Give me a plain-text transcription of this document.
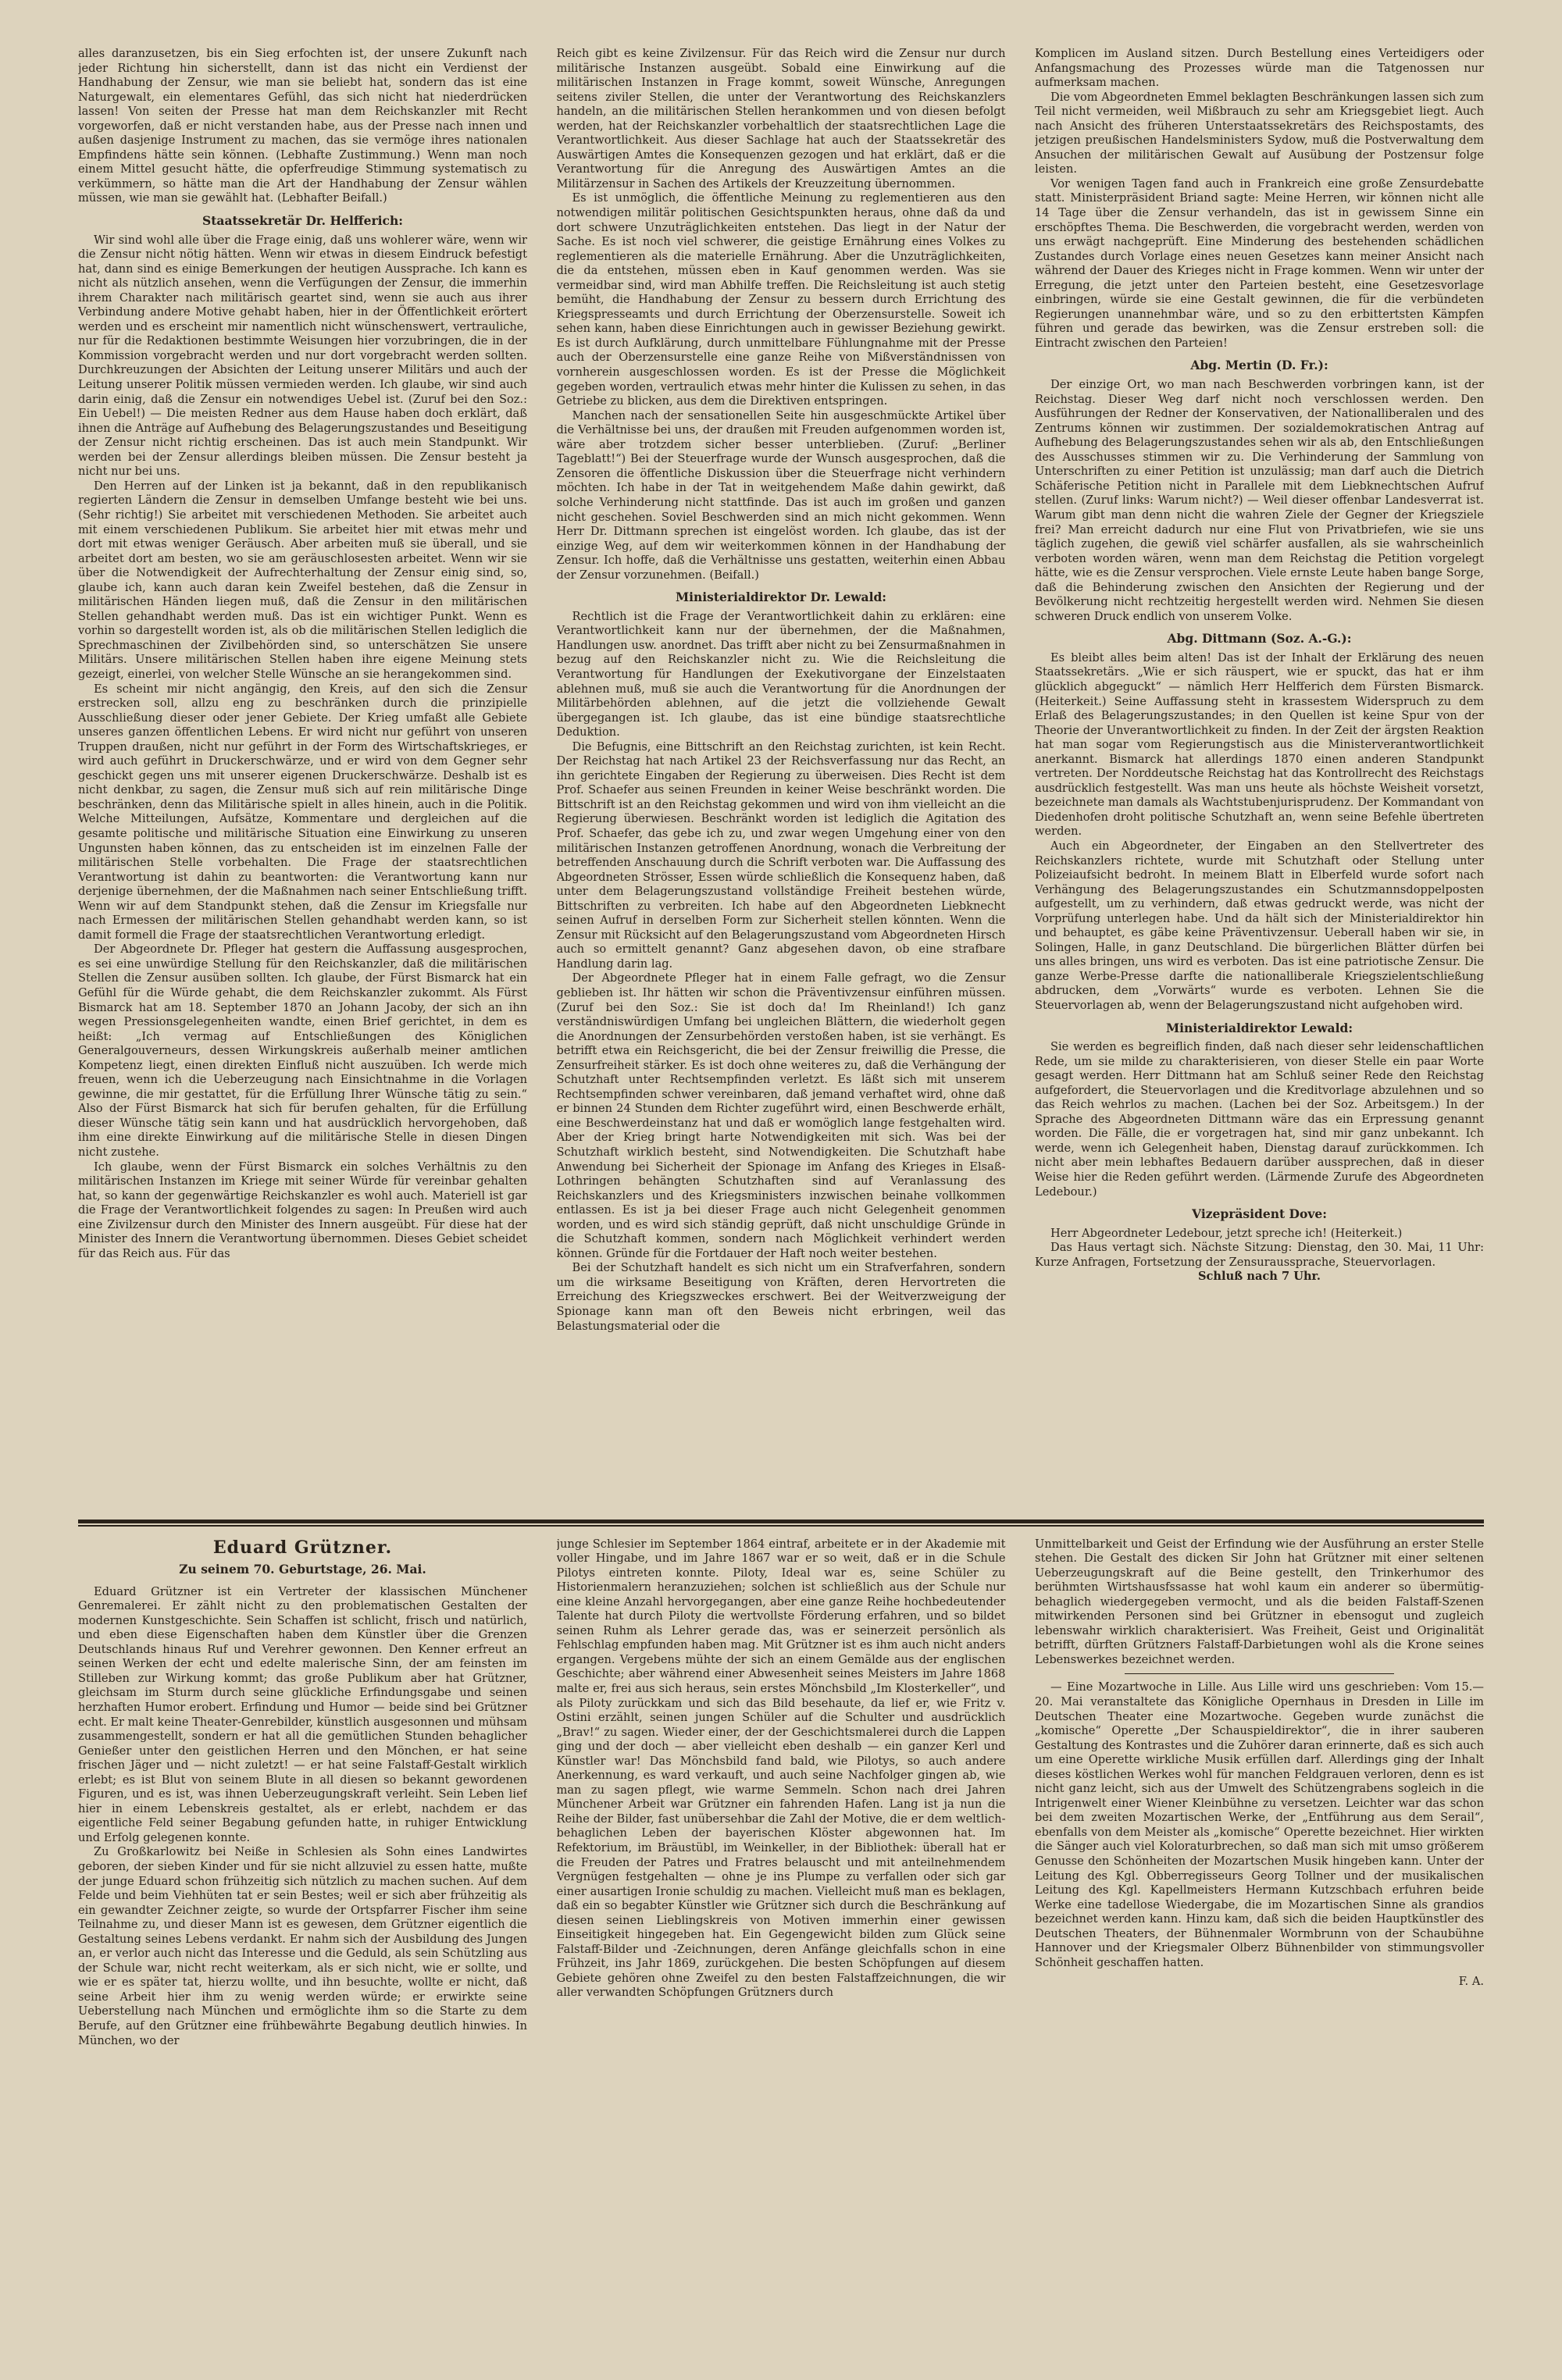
alles daranzusetzen, bis ein Sieg erfochten ist, der unsere Zukunft nach jeder Richtung hin sicherstellt, dann ist das nicht ein Verdienst der Handhabung der Zensur, wie man sie beliebt hat, sondern das ist eine Naturgewalt, ein elementares Gefühl, das sich nicht hat niederdrücken lassen! Von seiten der Presse hat man dem Reichskanzler mit Recht vorgeworfen, daß er nicht verstanden habe, aus der Presse nach innen und außen dasjenige Instrument zu machen, das sie vermöge ihres nationalen Empfindens hätte sein können. (Lebhafte Zustimmung.) Wenn man noch einem Mittel gesucht hätte, die opferfreudige Stimmung systematisch zu verkümmern, so hätte man die Art der Handhabung der Zensur wählen müssen, wie man sie gewählt hat. (Lebhafter Beifall.)

Staatssekretär Dr. Helfferich:

Wir sind wohl alle über die Frage einig, daß uns wohlerer wäre, wenn wir die Zensur nicht nötig hätten. Wenn wir etwas in diesem Eindruck befestigt hat, dann sind es einige Bemerkungen der heutigen Aussprache. Ich kann es nicht als nützlich ansehen, wenn die Verfügungen der Zensur, die immerhin ihrem Charakter nach militärisch geartet sind, wenn sie auch aus ihrer Verbindung andere Motive gehabt haben, hier in der Öffentlichkeit erörtert werden und es erscheint mir namentlich nicht wünschenswert, vertrauliche, nur für die Redaktionen bestimmte Weisungen hier vorzubringen, die in der Kommission vorgebracht werden und nur dort vorgebracht werden sollten. Durchkreuzungen der Absichten der Leitung unserer Militärs und auch der Leitung unserer Politik müssen vermieden werden. Ich glaube, wir sind auch darin einig, daß die Zensur ein notwendiges Uebel ist. (Zuruf bei den Soz.: Ein Uebel!) — Die meisten Redner aus dem Hause haben doch erklärt, daß ihnen die Anträge auf Aufhebung des Belagerungszustandes und Beseitigung der Zensur nicht richtig erscheinen. Das ist auch mein Standpunkt. Wir werden bei der Zensur allerdings bleiben müssen. Die Zensur besteht ja nicht nur bei uns.

Den Herren auf der Linken ist ja bekannt, daß in den republikanisch regierten Ländern die Zensur in demselben Umfange besteht wie bei uns. (Sehr richtig!) Sie arbeitet mit verschiedenen Methoden. Sie arbeitet auch mit einem verschiedenen Publikum. Sie arbeitet hier mit etwas mehr und dort mit etwas weniger Geräusch. Aber arbeiten muß sie überall, und sie arbeitet dort am besten, wo sie am geräuschlosesten arbeitet. Wenn wir sie über die Notwendigkeit der Aufrechterhaltung der Zensur einig sind, so, glaube ich, kann auch daran kein Zweifel bestehen, daß die Zensur in militärischen Händen liegen muß, daß die Zensur in den militärischen Stellen gehandhabt werden muß. Das ist ein wichtiger Punkt. Wenn es vorhin so dargestellt worden ist, als ob die militärischen Stellen lediglich die Sprechmaschinen der Zivilbehörden sind, so unterschätzen Sie unsere Militärs. Unsere militärischen Stellen haben ihre eigene Meinung stets gezeigt, einerlei, von welcher Stelle Wünsche an sie herangekommen sind.

Es scheint mir nicht angängig, den Kreis, auf den sich die Zensur erstrecken soll, allzu eng zu beschränken durch die prinzipielle Ausschließung dieser oder jener Gebiete. Der Krieg umfaßt alle Gebiete unseres ganzen öffentlichen Lebens. Er wird nicht nur geführt von unseren Truppen draußen, nicht nur geführt in der Form des Wirtschaftskrieges, er wird auch geführt in Druckerschwärze, und er wird von dem Gegner sehr geschickt gegen uns mit unserer eigenen Druckerschwärze. Deshalb ist es nicht denkbar, zu sagen, die Zensur muß sich auf rein militärische Dinge beschränken, denn das Militärische spielt in alles hinein, auch in die Politik. Welche Mitteilungen, Aufsätze, Kommentare und dergleichen auf die gesamte politische und militärische Situation eine Einwirkung zu unseren Ungunsten haben können, das zu entscheiden ist im einzelnen Falle der militärischen Stelle vorbehalten. Die Frage der staatsrechtlichen Verantwortung ist dahin zu beantworten: die Verantwortung kann nur derjenige übernehmen, der die Maßnahmen nach seiner Entschließung trifft. Wenn wir auf dem Standpunkt stehen, daß die Zensur im Kriegsfalle nur nach Ermessen der militärischen Stellen gehandhabt werden kann, so ist damit formell die Frage der staatsrechtlichen Verantwortung erledigt.

Der Abgeordnete Dr. Pfleger hat gestern die Auffassung ausgesprochen, es sei eine unwürdige Stellung für den Reichskanzler, daß die militärischen Stellen die Zensur ausüben sollten. Ich glaube, der Fürst Bismarck hat ein Gefühl für die Würde gehabt, die dem Reichskanzler zukommt. Als Fürst Bismarck hat am 18. September 1870 an Johann Jacoby, der sich an ihn wegen Pressionsgelegenheiten wandte, einen Brief gerichtet, in dem es heißt: „Ich vermag auf Entschließungen des Königlichen Generalgouverneurs, dessen Wirkungskreis außerhalb meiner amtlichen Kompetenz liegt, einen direkten Einfluß nicht auszuüben. Ich werde mich freuen, wenn ich die Ueberzeugung nach Einsichtnahme in die Vorlagen gewinne, die mir gestattet, für die Erfüllung Ihrer Wünsche tätig zu sein.“ Also der Fürst Bismarck hat sich für berufen gehalten, für die Erfüllung dieser Wünsche tätig sein kann und hat ausdrücklich hervorgehoben, daß ihm eine direkte Einwirkung auf die militärische Stelle in diesen Dingen nicht zustehe.

Ich glaube, wenn der Fürst Bismarck ein solches Verhältnis zu den militärischen Instanzen im Kriege mit seiner Würde für vereinbar gehalten hat, so kann der gegenwärtige Reichskanzler es wohl auch. Materiell ist gar die Frage der Verantwortlichkeit folgendes zu sagen: In Preußen wird auch eine Zivilzensur durch den Minister des Innern ausgeübt. Für diese hat der Minister des Innern die Verantwortung übernommen. Dieses Gebiet scheidet für das Reich aus. Für das

Reich gibt es keine Zivilzensur. Für das Reich wird die Zensur nur durch militärische Instanzen ausgeübt. Sobald eine Einwirkung auf die militärischen Instanzen in Frage kommt, soweit Wünsche, Anregungen seitens ziviler Stellen, die unter der Verantwortung des Reichskanzlers handeln, an die militärischen Stellen herankommen und von diesen befolgt werden, hat der Reichskanzler vorbehaltlich der staatsrechtlichen Lage die Verantwortlichkeit. Aus dieser Sachlage hat auch der Staatssekretär des Auswärtigen Amtes die Konsequenzen gezogen und hat erklärt, daß er die Verantwortung für die Anregung des Auswärtigen Amtes an die Militärzensur in Sachen des Artikels der Kreuzzeitung übernommen.

Es ist unmöglich, die öffentliche Meinung zu reglementieren aus den notwendigen militär politischen Gesichtspunkten heraus, ohne daß da und dort schwere Unzuträglichkeiten entstehen. Das liegt in der Natur der Sache. Es ist noch viel schwerer, die geistige Ernährung eines Volkes zu reglementieren als die materielle Ernährung. Aber die Unzuträglichkeiten, die da entstehen, müssen eben in Kauf genommen werden. Was sie vermeidbar sind, wird man Abhilfe treffen. Die Reichsleitung ist auch stetig bemüht, die Handhabung der Zensur zu bessern durch Errichtung des Kriegspresseamts und durch Errichtung der Oberzensurstelle. Soweit ich sehen kann, haben diese Einrichtungen auch in gewisser Beziehung gewirkt. Es ist durch Aufklärung, durch unmittelbare Fühlungnahme mit der Presse auch der Oberzensurstelle eine ganze Reihe von Mißverständnissen von vornherein ausgeschlossen worden. Es ist der Presse die Möglichkeit gegeben worden, vertraulich etwas mehr hinter die Kulissen zu sehen, in das Getriebe zu blicken, aus dem die Direktiven entspringen.

Manchen nach der sensationellen Seite hin ausgeschmückte Artikel über die Verhältnisse bei uns, der draußen mit Freuden aufgenommen worden ist, wäre aber trotzdem sicher besser unterblieben. (Zuruf: „Berliner Tageblatt!“) Bei der Steuerfrage wurde der Wunsch ausgesprochen, daß die Zensoren die öffentliche Diskussion über die Steuerfrage nicht verhindern möchten. Ich habe in der Tat in weitgehendem Maße dahin gewirkt, daß solche Verhinderung nicht stattfinde. Das ist auch im großen und ganzen nicht geschehen. Soviel Beschwerden sind an mich nicht gekommen. Wenn Herr Dr. Dittmann sprechen ist eingelöst worden. Ich glaube, das ist der einzige Weg, auf dem wir weiterkommen können in der Handhabung der Zensur. Ich hoffe, daß die Verhältnisse uns gestatten, weiterhin einen Abbau der Zensur vorzunehmen. (Beifall.)

Ministerialdirektor Dr. Lewald:

Rechtlich ist die Frage der Verantwortlichkeit dahin zu erklären: eine Verantwortlichkeit kann nur der übernehmen, der die Maßnahmen, Handlungen usw. anordnet. Das trifft aber nicht zu bei Zensurmaßnahmen in bezug auf den Reichskanzler nicht zu. Wie die Reichsleitung die Verantwortung für Handlungen der Exekutivorgane der Einzelstaaten ablehnen muß, muß sie auch die Verantwortung für die Anordnungen der Militärbehörden ablehnen, auf die jetzt die vollziehende Gewalt übergegangen ist. Ich glaube, das ist eine bündige staatsrechtliche Deduktion.

Die Befugnis, eine Bittschrift an den Reichstag zurichten, ist kein Recht. Der Reichstag hat nach Artikel 23 der Reichsverfassung nur das Recht, an ihn gerichtete Eingaben der Regierung zu überweisen. Dies Recht ist dem Prof. Schaefer aus seinen Freunden in keiner Weise beschränkt worden. Die Bittschrift ist an den Reichstag gekommen und wird von ihm vielleicht an die Regierung überwiesen. Beschränkt worden ist lediglich die Agitation des Prof. Schaefer, das gebe ich zu, und zwar wegen Umgehung einer von den militärischen Instanzen getroffenen Anordnung, wonach die Verbreitung der betreffenden Anschauung durch die Schrift verboten war. Die Auffassung des Abgeordneten Strösser, Essen würde schließlich die Konsequenz haben, daß unter dem Belagerungszustand vollständige Freiheit bestehen würde, Bittschriften zu verbreiten. Ich habe auf den Abgeordneten Liebknecht seinen Aufruf in derselben Form zur Sicherheit stellen könnten. Wenn die Zensur mit Rücksicht auf den Belagerungszustand vom Abgeordneten Hirsch auch so ermittelt genannt? Ganz abgesehen davon, ob eine strafbare Handlung darin lag.

Der Abgeordnete Pfleger hat in einem Falle gefragt, wo die Zensur geblieben ist. Ihr hätten wir schon die Präventivzensur einführen müssen. (Zuruf bei den Soz.: Sie ist doch da! Im Rheinland!) Ich ganz verständniswürdigen Umfang bei ungleichen Blättern, die wiederholt gegen die Anordnungen der Zensurbehörden verstoßen haben, ist sie verhängt. Es betrifft etwa ein Reichsgericht, die bei der Zensur freiwillig die Presse, die Zensurfreiheit stärker. Es ist doch ohne weiteres zu, daß die Verhängung der Schutzhaft unter Rechtsempfinden verletzt. Es läßt sich mit unserem Rechtsempfinden schwer vereinbaren, daß jemand verhaftet wird, ohne daß er binnen 24 Stunden dem Richter zugeführt wird, einen Beschwerde erhält, eine Beschwerdeinstanz hat und daß er womöglich lange festgehalten wird. Aber der Krieg bringt harte Notwendigkeiten mit sich. Was bei der Schutzhaft wirklich besteht, sind Notwendigkeiten. Die Schutzhaft habe Anwendung bei Sicherheit der Spionage im Anfang des Krieges in Elsaß-Lothringen behängten Schutzhaften sind auf Veranlassung des Reichskanzlers und des Kriegsministers inzwischen beinahe vollkommen entlassen. Es ist ja bei dieser Frage auch nicht Gelegenheit genommen worden, und es wird sich ständig geprüft, daß nicht unschuldige Gründe in die Schutzhaft kommen, sondern nach Möglichkeit verhindert werden können. Gründe für die Fortdauer der Haft noch weiter bestehen.

Bei der Schutzhaft handelt es sich nicht um ein Strafverfahren, sondern um die wirksame Beseitigung von Kräften, deren Hervortreten die Erreichung des Kriegszweckes erschwert. Bei der Weitverzweigung der Spionage kann man oft den Beweis nicht erbringen, weil das Belastungsmaterial oder die

Komplicen im Ausland sitzen. Durch Bestellung eines Verteidigers oder Anfangsmachung des Prozesses würde man die Tatgenossen nur aufmerksam machen.

Die vom Abgeordneten Emmel beklagten Beschränkungen lassen sich zum Teil nicht vermeiden, weil Mißbrauch zu sehr am Kriegsgebiet liegt. Auch nach Ansicht des früheren Unterstaatssekretärs des Reichspostamts, des jetzigen preußischen Handelsministers Sydow, muß die Postverwaltung dem Ansuchen der militärischen Gewalt auf Ausübung der Postzensur folge leisten.

Vor wenigen Tagen fand auch in Frankreich eine große Zensurdebatte statt. Ministerpräsident Briand sagte: Meine Herren, wir können nicht alle 14 Tage über die Zensur verhandeln, das ist in gewissem Sinne ein erschöpftes Thema. Die Beschwerden, die vorgebracht werden, werden von uns erwägt nachgeprüft. Eine Minderung des bestehenden schädlichen Zustandes durch Vorlage eines neuen Gesetzes kann meiner Ansicht nach während der Dauer des Krieges nicht in Frage kommen. Wenn wir unter der Erregung, die jetzt unter den Parteien besteht, eine Gesetzesvorlage einbringen, würde sie eine Gestalt gewinnen, die für die verbündeten Regierungen unannehmbar wäre, und so zu den erbittertsten Kämpfen führen und gerade das bewirken, was die Zensur erstreben soll: die Eintracht zwischen den Parteien!

Abg. Mertin (D. Fr.):

Der einzige Ort, wo man nach Beschwerden vorbringen kann, ist der Reichstag. Dieser Weg darf nicht noch verschlossen werden. Den Ausführungen der Redner der Konservativen, der Nationalliberalen und des Zentrums können wir zustimmen. Der sozialdemokratischen Antrag auf Aufhebung des Belagerungszustandes sehen wir als ab, den Entschließungen des Ausschusses stimmen wir zu. Die Verhinderung der Sammlung von Unterschriften zu einer Petition ist unzulässig; man darf auch die Dietrich Schäferische Petition nicht in Parallele mit dem Liebknechtschen Aufruf stellen. (Zuruf links: Warum nicht?) — Weil dieser offenbar Landesverrat ist. Warum gibt man denn nicht die wahren Ziele der Gegner der Kriegsziele frei? Man erreicht dadurch nur eine Flut von Privatbriefen, wie sie uns täglich zugehen, die gewiß viel schärfer ausfallen, als sie wahrscheinlich verboten worden wären, wenn man dem Reichstag die Petition vorgelegt hätte, wie es die Zensur versprochen. Viele ernste Leute haben bange Sorge, daß die Behinderung zwischen den Ansichten der Regierung und der Bevölkerung nicht rechtzeitig hergestellt werden wird. Nehmen Sie diesen schweren Druck endlich von unserem Volke.

Abg. Dittmann (Soz. A.-G.):

Es bleibt alles beim alten! Das ist der Inhalt der Erklärung des neuen Staatssekretärs. „Wie er sich räuspert, wie er spuckt, das hat er ihm glücklich abgeguckt“ — nämlich Herr Helfferich dem Fürsten Bismarck. (Heiterkeit.) Seine Auffassung steht in krassestem Widerspruch zu dem Erlaß des Belagerungszustandes; in den Quellen ist keine Spur von der Theorie der Unverantwortlichkeit zu finden. In der Zeit der ärgsten Reaktion hat man sogar vom Regierungstisch aus die Ministerverantwortlichkeit anerkannt. Bismarck hat allerdings 1870 einen anderen Standpunkt vertreten. Der Norddeutsche Reichstag hat das Kontrollrecht des Reichstags ausdrücklich festgestellt. Was man uns heute als höchste Weisheit vorsetzt, bezeichnete man damals als Wachtstubenjurisprudenz. Der Kommandant von Diedenhofen droht politische Schutzhaft an, wenn seine Befehle übertreten werden.

Auch ein Abgeordneter, der Eingaben an den Stellvertreter des Reichskanzlers richtete, wurde mit Schutzhaft oder Stellung unter Polizeiaufsicht bedroht. In meinem Blatt in Elberfeld wurde sofort nach Verhängung des Belagerungszustandes ein Schutzmannsdoppelposten aufgestellt, um zu verhindern, daß etwas gedruckt werde, was nicht der Vorprüfung unterlegen habe. Und da hält sich der Ministerialdirektor hin und behauptet, es gäbe keine Präventivzensur. Ueberall haben wir sie, in Solingen, Halle, in ganz Deutschland. Die bürgerlichen Blätter dürfen bei uns alles bringen, uns wird es verboten. Das ist eine patriotische Zensur. Die ganze Werbe-Presse darfte die nationalliberale Kriegszielentschließung abdrucken, dem „Vorwärts“ wurde es verboten. Lehnen Sie die Steuervorlagen ab, wenn der Belagerungszustand nicht aufgehoben wird.

Ministerialdirektor Lewald:

Sie werden es begreiflich finden, daß nach dieser sehr leidenschaftlichen Rede, um sie milde zu charakterisieren, von dieser Stelle ein paar Worte gesagt werden. Herr Dittmann hat am Schluß seiner Rede den Reichstag aufgefordert, die Steuervorlagen und die Kreditvorlage abzulehnen und so das Reich wehrlos zu machen. (Lachen bei der Soz. Arbeitsgem.) In der Sprache des Abgeordneten Dittmann wäre das ein Erpressung genannt worden. Die Fälle, die er vorgetragen hat, sind mir ganz unbekannt. Ich werde, wenn ich Gelegenheit haben, Dienstag darauf zurückkommen. Ich nicht aber mein lebhaftes Bedauern darüber aussprechen, daß in dieser Weise hier die Reden geführt werden. (Lärmende Zurufe des Abgeordneten Ledebour.)

Vizepräsident Dove:

Herr Abgeordneter Ledebour, jetzt spreche ich! (Heiterkeit.)

Das Haus vertagt sich. Nächste Sitzung: Dienstag, den 30. Mai, 11 Uhr: Kurze Anfragen, Fortsetzung der Zensuraussprache, Steuervorlagen.

Schluß nach 7 Uhr.

Eduard Grützner.
Zu seinem 70. Geburtstage, 26. Mai.

Eduard Grützner ist ein Vertreter der klassischen Münchener Genremalerei. Er zählt nicht zu den problematischen Gestalten der modernen Kunstgeschichte. Sein Schaffen ist schlicht, frisch und natürlich, und eben diese Eigenschaften haben dem Künstler über die Grenzen Deutschlands hinaus Ruf und Verehrer gewonnen. Den Kenner erfreut an seinen Werken der echt und edelte malerische Sinn, der am feinsten im Stilleben zur Wirkung kommt; das große Publikum aber hat Grützner, gleichsam im Sturm durch seine glückliche Erfindungsgabe und seinen herzhaften Humor erobert. Erfindung und Humor — beide sind bei Grützner echt. Er malt keine Theater-Genrebilder, künstlich ausgesonnen und mühsam zusammengestellt, sondern er hat all die gemütlichen Stunden behaglicher Genießer unter den geistlichen Herren und den Mönchen, er hat seine frischen Jäger und — nicht zuletzt! — er hat seine Falstaff-Gestalt wirklich erlebt; es ist Blut von seinem Blute in all diesen so bekannt gewordenen Figuren, und es ist, was ihnen Ueberzeugungskraft verleiht. Sein Leben lief hier in einem Lebenskreis gestaltet, als er erlebt, nachdem er das eigentliche Feld seiner Begabung gefunden hatte, in ruhiger Entwicklung und Erfolg gelegenen konnte.

Zu Großkarlowitz bei Neiße in Schlesien als Sohn eines Landwirtes geboren, der sieben Kinder und für sie nicht allzuviel zu essen hatte, mußte der junge Eduard schon frühzeitig sich nützlich zu machen suchen. Auf dem Felde und beim Viehhüten tat er sein Bestes; weil er sich aber frühzeitig als ein gewandter Zeichner zeigte, so wurde der Ortspfarrer Fischer ihm seine Teilnahme zu, und dieser Mann ist es gewesen, dem Grützner eigentlich die Gestaltung seines Lebens verdankt. Er nahm sich der Ausbildung des Jungen an, er verlor auch nicht das Interesse und die Geduld, als sein Schützling aus der Schule war, nicht recht weiterkam, als er sich nicht, wie er sollte, und wie er es später tat, hierzu wollte, und ihn besuchte, wollte er nicht, daß seine Arbeit hier ihm zu wenig werden würde; er erwirkte seine Ueberstellung nach München und ermöglichte ihm so die Starte zu dem Berufe, auf den Grützner eine frühbewährte Begabung deutlich hinwies. In München, wo der

junge Schlesier im September 1864 eintraf, arbeitete er in der Akademie mit voller Hingabe, und im Jahre 1867 war er so weit, daß er in die Schule Pilotys eintreten konnte. Piloty, Ideal war es, seine Schüler zu Historienmalern heranzuziehen; solchen ist schließlich aus der Schule nur eine kleine Anzahl hervorgegangen, aber eine ganze Reihe hochbedeutender Talente hat durch Piloty die wertvollste Förderung erfahren, und so bildet seinen Ruhm als Lehrer gerade das, was er seinerzeit persönlich als Fehlschlag empfunden haben mag. Mit Grützner ist es ihm auch nicht anders ergangen. Vergebens mühte der sich an einem Gemälde aus der englischen Geschichte; aber während einer Abwesenheit seines Meisters im Jahre 1868 malte er, frei aus sich heraus, sein erstes Mönchsbild „Im Klosterkeller“, und als Piloty zurückkam und sich das Bild besehaute, da lief er, wie Fritz v. Ostini erzählt, seinen jungen Schüler auf die Schulter und ausdrücklich „Brav!“ zu sagen. Wieder einer, der der Geschichtsmalerei durch die Lappen ging und der doch — aber vielleicht eben deshalb — ein ganzer Kerl und Künstler war! Das Mönchsbild fand bald, wie Pilotys, so auch andere Anerkennung, es ward verkauft, und auch seine Nachfolger gingen ab, wie man zu sagen pflegt, wie warme Semmeln. Schon nach drei Jahren Münchener Arbeit war Grützner ein fahrenden Hafen. Lang ist ja nun die Reihe der Bilder, fast unübersehbar die Zahl der Motive, die er dem weltlich-behaglichen Leben der bayerischen Klöster abgewonnen hat. Im Refektorium, im Bräustübl, im Weinkeller, in der Bibliothek: überall hat er die Freuden der Patres und Fratres belauscht und mit anteilnehmendem Vergnügen festgehalten — ohne je ins Plumpe zu verfallen oder sich gar einer ausartigen Ironie schuldig zu machen. Vielleicht muß man es beklagen, daß ein so begabter Künstler wie Grützner sich durch die Beschränkung auf diesen seinen Lieblingskreis von Motiven immerhin einer gewissen Einseitigkeit hingegeben hat. Ein Gegengewicht bilden zum Glück seine Falstaff-Bilder und -Zeichnungen, deren Anfänge gleichfalls schon in eine Frühzeit, ins Jahr 1869, zurückgehen. Die besten Schöpfungen auf diesem Gebiete gehören ohne Zweifel zu den besten Falstaffzeichnungen, die wir aller verwandten Schöpfungen Grützners durch

Unmittelbarkeit und Geist der Erfindung wie der Ausführung an erster Stelle stehen. Die Gestalt des dicken Sir John hat Grützner mit einer seltenen Ueberzeugungskraft auf die Beine gestellt, den Trinkerhumor des berühmten Wirtshausfssasse hat wohl kaum ein anderer so übermütig-behaglich wiedergegeben vermocht, und als die beiden Falstaff-Szenen mitwirkenden Personen sind bei Grützner in ebensogut und zugleich lebenswahr wirklich charakterisiert. Was Freiheit, Geist und Originalität betrifft, dürften Grützners Falstaff-Darbietungen wohl als die Krone seines Lebenswerkes bezeichnet werden.

— Eine Mozartwoche in Lille. Aus Lille wird uns geschrieben: Vom 15.—20. Mai veranstaltete das Königliche Opernhaus in Dresden in Lille im Deutschen Theater eine Mozartwoche. Gegeben wurde zunächst die „komische“ Operette „Der Schauspieldirektor“, die in ihrer sauberen Gestaltung des Kontrastes und die Zuhörer daran erinnerte, daß es sich auch um eine Operette wirkliche Musik erfüllen darf. Allerdings ging der Inhalt dieses köstlichen Werkes wohl für manchen Feldgrauen verloren, denn es ist nicht ganz leicht, sich aus der Umwelt des Schützengrabens sogleich in die Intrigenwelt einer Wiener Kleinbühne zu versetzen. Leichter war das schon bei dem zweiten Mozartischen Werke, der „Entführung aus dem Serail“, ebenfalls von dem Meister als „komische“ Operette bezeichnet. Hier wirkten die Sänger auch viel Koloraturbrechen, so daß man sich mit umso größerem Genusse den Schönheiten der Mozartschen Musik hingeben kann. Unter der Leitung des Kgl. Obberregisseurs Georg Tollner und der musikalischen Leitung des Kgl. Kapellmeisters Hermann Kutzschbach erfuhren beide Werke eine tadellose Wiedergabe, die im Mozartischen Sinne als grandios bezeichnet werden kann. Hinzu kam, daß sich die beiden Hauptkünstler des Deutschen Theaters, der Bühnenmaler Wormbrunn von der Schaubühne Hannover und der Kriegsmaler Olberz Bühnenbilder von stimmungsvoller Schönheit geschaffen hatten.

F. A.
